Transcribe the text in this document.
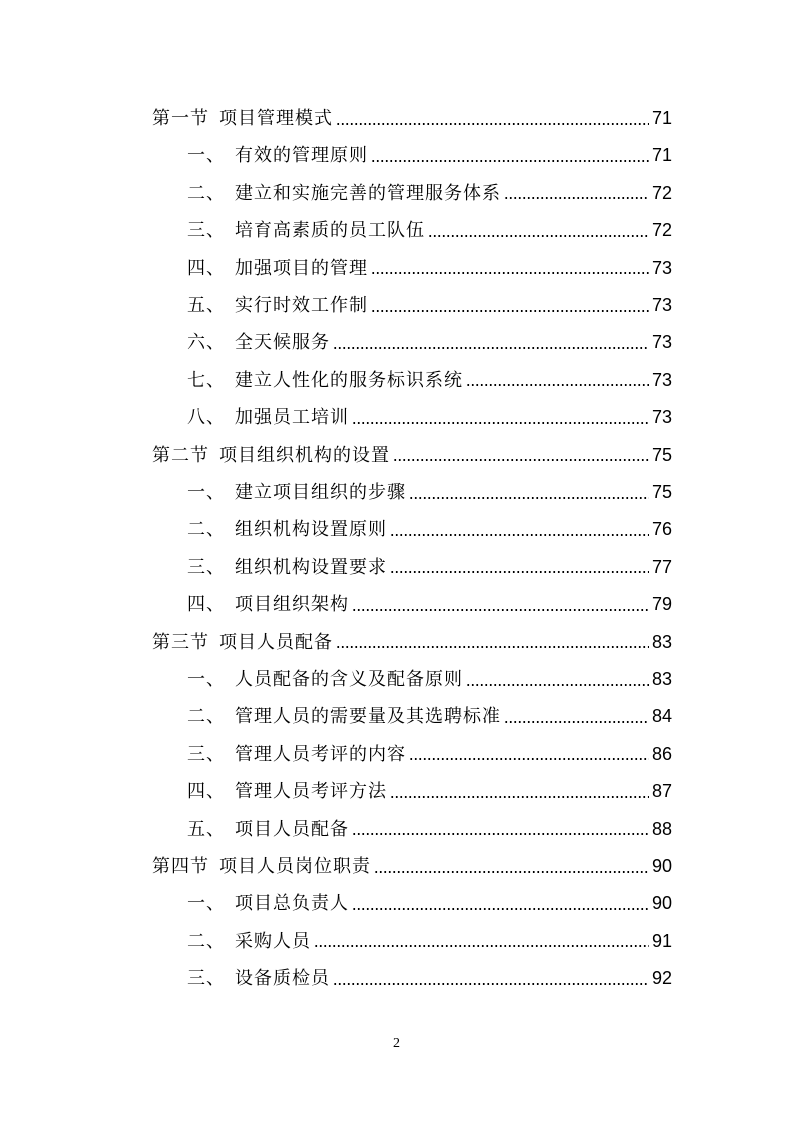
第一节 项目管理模式	71
一、 有效的管理原则	71
二、 建立和实施完善的管理服务体系	72
三、 培育高素质的员工队伍	72
四、 加强项目的管理	73
五、 实行时效工作制	73
六、 全天候服务	73
七、 建立人性化的服务标识系统	73
八、 加强员工培训	73
第二节 项目组织机构的设置	75
一、 建立项目组织的步骤	75
二、 组织机构设置原则	76
三、 组织机构设置要求	77
四、 项目组织架构	79
第三节 项目人员配备	83
一、 人员配备的含义及配备原则	83
二、 管理人员的需要量及其选聘标准	84
三、 管理人员考评的内容	86
四、 管理人员考评方法	87
五、 项目人员配备	88
第四节 项目人员岗位职责	90
一、 项目总负责人	90
二、 采购人员	91
三、 设备质检员	92
2
